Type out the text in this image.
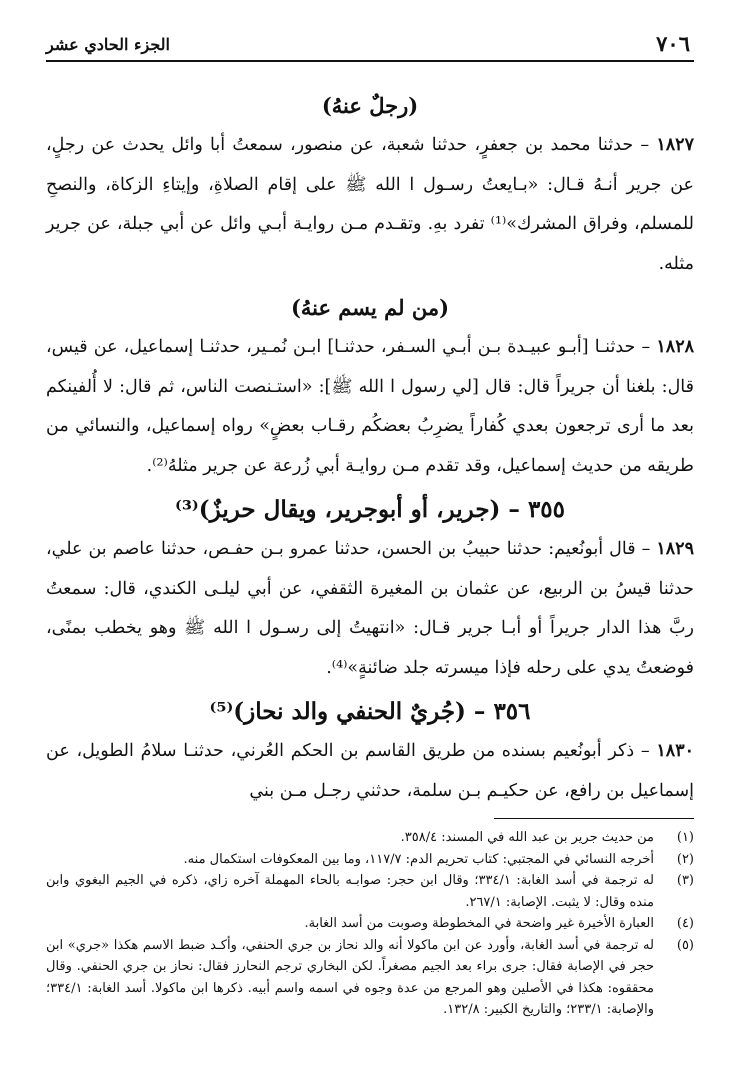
٧٠٦
الجزء الحادي عشر
(رجلٌ عنهُ)

١٨٢٧ – حدثنا محمد بن جعفرٍ، حدثنا شعبة، عن منصور، سمعتُ أبا وائل يحدث عن رجلٍ، عن جرير أنـهُ قـال: «بـايعتُ رسـول ا الله ﷺ على إقام الصلاةِ، وإيتاءِ الزكاة، والنصحِ للمسلم، وفراق المشرك»⁽¹⁾ تفرد بهِ. وتقـدم مـن روايـة أبـي وائل عن أبي جبلة، عن جرير مثله.

(من لم يسم عنهُ)

١٨٢٨ – حدثنـا [أبـو عبيـدة بـن أبـي السـفر، حدثنـا] ابـن نُمـير، حدثنـا إسماعيل، عن قيس، قال: بلغنا أن جريراً قال: قال [لي رسول ا الله ﷺ]: «استـنصت الناس، ثم قال: لا أُلفينكم بعد ما أرى ترجعون بعدي كُفاراً يضرِبُ بعضكُم رقـاب بعضٍ» رواه إسماعيل، والنسائي من طريقه من حديث إسماعيل، وقد تقدم مـن روايـة أبي زُرعة عن جرير مثلهُ⁽²⁾.

٣٥٥ – (جرير، أو أبوجرير، ويقال حريزٌ)⁽³⁾

١٨٢٩ – قال أبونُعيم: حدثنا حبيبُ بن الحسن، حدثنا عمرو بـن حفـص، حدثنا عاصم بن علي، حدثنا قيسُ بن الربيع، عن عثمان بن المغيرة الثقفي، عن أبي ليلـى الكندي، قال: سمعتُ ربَّ هذا الدار جريراً أو أبـا جرير قـال: «انتهيتُ إلى رسـول ا الله ﷺ وهو يخطب بمنًى، فوضعتُ يدي على رحله فإذا ميسرته جلد ضائنةٍ»⁽⁴⁾.

٣٥٦ – (جُريٌ الحنفي والد نحاز)⁽⁵⁾

١٨٣٠ – ذكر أبونُعيم بسنده من طريق القاسم بن الحكم العُرني، حدثنـا سلامُ الطويل، عن إسماعيل بن رافع، عن حكيـم بـن سلمة، حدثني رجـل مـن بني

(١)
من حديث جرير بن عبد الله في المسند: ٣٥٨/٤.
(٢)
أخرجه النسائي في المجتبي: كتاب تحريم الدم: ١١٧/٧، وما بين المعكوفات استكمال منه.
(٣)
له ترجمة في أسد الغابة: ٣٣٤/١؛ وقال ابن حجر: صوابـه بالحاء المهملة آخره زاي، ذكره في الجيم البغوي وابن منده وقال: لا يثبت. الإصابة: ٢٦٧/١.
(٤)
العبارة الأخيرة غير واضحة في المخطوطة وصوبت من أسد الغابة.
(٥)
له ترجمة في أسد الغابة، وأورد عن ابن ماكولا أنه والد نحاز بن جري الحنفي، وأكـد ضبط الاسم هكذا «جري» ابن حجر في الإصابة فقال: جرى براء بعد الجيم مصغراً. لكن البخاري ترجم النحارز فقال: نحاز بن جري الحنفي. وقال محققوه: هكذا في الأصلين وهو المرجع من عدة وجوه في اسمه واسم أبيه. ذكرها ابن ماكولا. أسد الغابة: ٣٣٤/١؛ والإصابة: ٢٣٣/١؛ والتاريخ الكبير: ١٣٢/٨.
